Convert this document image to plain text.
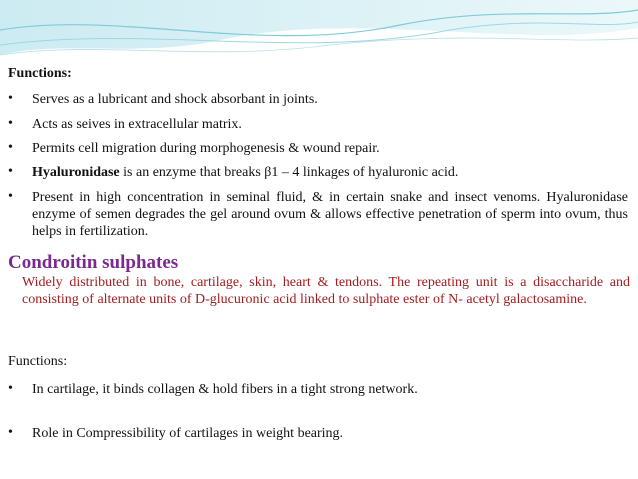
Functions:
• Serves as a lubricant and shock absorbant in joints.
• Acts as seives in extracellular matrix.
• Permits cell migration during morphogenesis & wound repair.
• Hyaluronidase is an enzyme that breaks β1 – 4 linkages of hyaluronic acid.
• Present in high concentration in seminal fluid, & in certain snake and insect venoms. Hyaluronidase enzyme of semen degrades the gel around ovum & allows effective penetration of sperm into ovum, thus helps in fertilization.
Condroitin sulphates
Widely distributed in bone, cartilage, skin, heart & tendons. The repeating unit is a disaccharide and consisting of alternate units of D-glucuronic acid linked to sulphate ester of N- acetyl galactosamine.
Functions:
• In cartilage, it binds collagen & hold fibers in a tight strong network.
• Role in Compressibility of cartilages in weight bearing.
